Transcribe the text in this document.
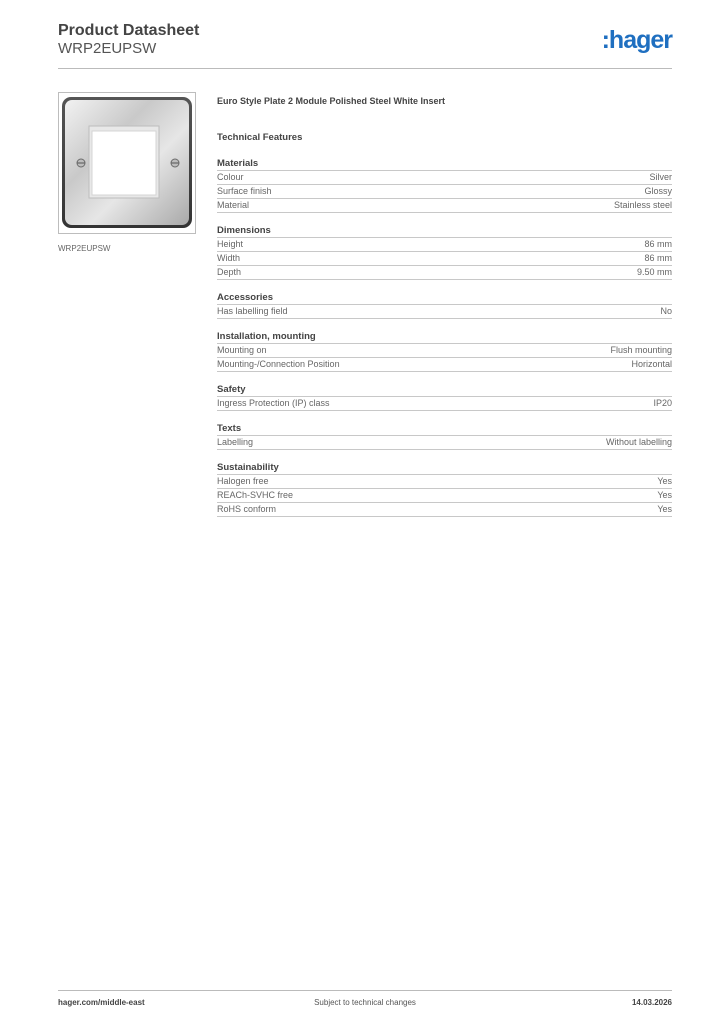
Product Datasheet
WRP2EUPSW	:hager
WRP2EUPSW
Euro Style Plate 2 Module Polished Steel White Insert
Technical Features
Materials
Colour	Silver
Surface finish	Glossy
Material	Stainless steel
Dimensions
Height	86 mm
Width	86 mm
Depth	9.50 mm
Accessories
Has labelling field	No
Installation, mounting
Mounting on	Flush mounting
Mounting-/Connection Position	Horizontal
Safety
Ingress Protection (IP) class	IP20
Texts
Labelling	Without labelling
Sustainability
Halogen free	Yes
REACh-SVHC free	Yes
RoHS conform	Yes
hager.com/middle-east	Subject to technical changes	14.03.2026
